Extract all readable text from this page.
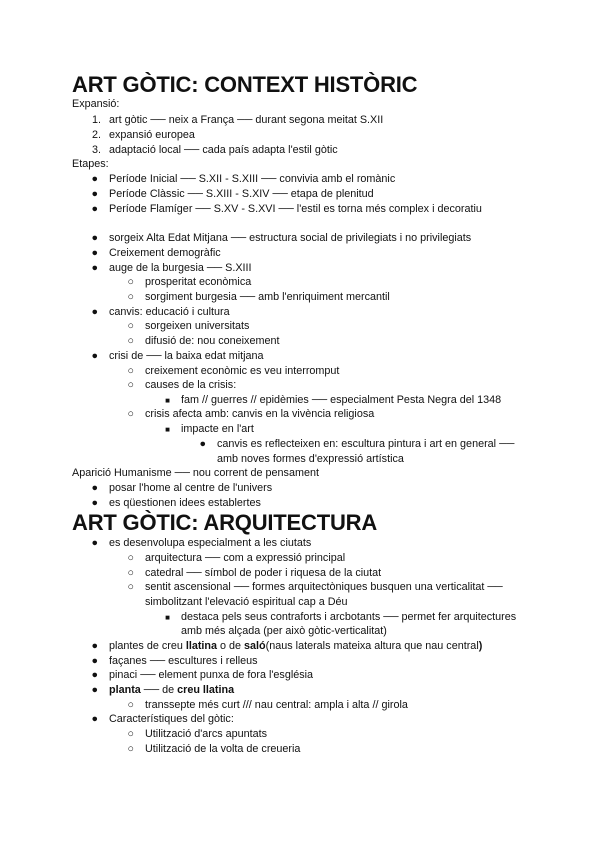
ART GÒTIC: CONTEXT HISTÒRIC
Expansió:
1. art gòtic ── neix a França ── durant segona meitat S.XII
2. expansió europea
3. adaptació local ── cada país adapta l'estil gòtic
Etapes:
● Període Inicial ── S.XII - S.XIII ── convivia amb el romànic
● Període Clàssic ── S.XIII - S.XIV ── etapa de plenitud
● Període Flamíger ── S.XV - S.XVI ── l'estil es torna més complex i decoratiu
● sorgeix Alta Edat Mitjana ── estructura social de privilegiats i no privilegiats
● Creixement demogràfic
● auge de la burgesia ── S.XIII
○ prosperitat econòmica
○ sorgiment burgesia ── amb l'enriquiment mercantil
● canvis: educació i cultura
○ sorgeixen universitats
○ difusió de: nou coneixement
● crisi de ── la baixa edat mitjana
○ creixement econòmic es veu interromput
○ causes de la crisis:
■ fam // guerres // epidèmies ── especialment Pesta Negra del 1348
○ crisis afecta amb: canvis en la vivència religiosa
■ impacte en l'art
● canvis es reflecteixen en: escultura pintura i art en general ──
amb noves formes d'expressió artística
Aparició Humanisme ── nou corrent de pensament
● posar l'home al centre de l'univers
● es qüestionen idees establertes
ART GÒTIC: ARQUITECTURA
● es desenvolupa especialment a les ciutats
○ arquitectura ── com a expressió principal
○ catedral ── símbol de poder i riquesa de la ciutat
○ sentit ascensional ── formes arquitectòniques busquen una verticalitat ──
simbolitzant l'elevació espiritual cap a Déu
■ destaca pels seus contraforts i arcbotants ── permet fer arquitectures
amb més alçada (per això gòtic-verticalitat)
● plantes de creu llatina o de saló(naus laterals mateixa altura que nau central)
● façanes ── escultures i relleus
● pinaci ── element punxa de fora l'església
● planta ── de creu llatina
○ transsepte més curt /// nau central: ampla i alta // girola
● Característiques del gòtic:
○ Utilització d'arcs apuntats
○ Utilització de la volta de creueria
